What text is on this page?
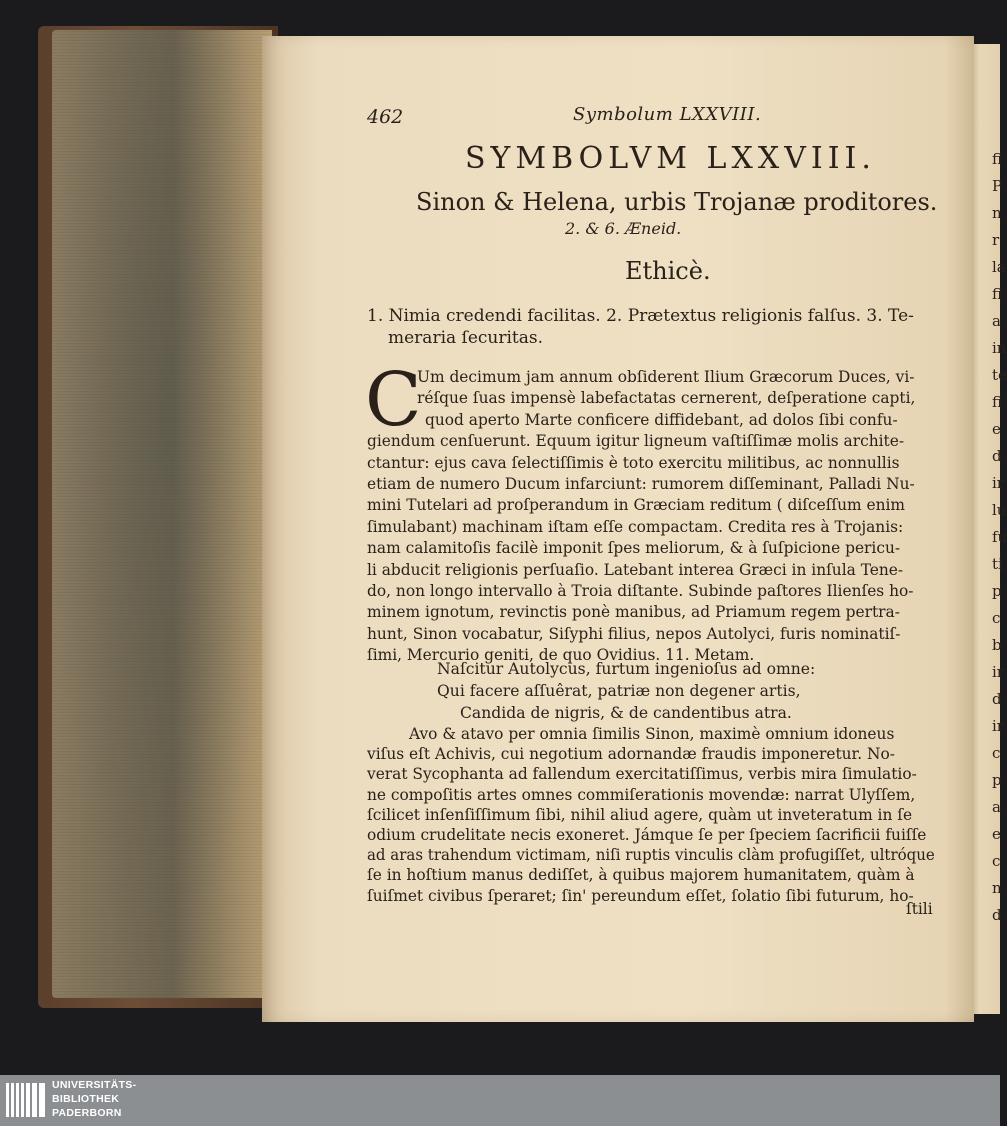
fi
P
n
r
la
fi
a
in
te
fi
e
d
ir
lu
fu
ti
p
c
b
ir
d
ir
c
p
a
e
c
n
d
462	Symbolum LXXVIII.
SYMBOLVM LXXVIII.
Sinon & Helena, urbis Trojanæ proditores.
2. & 6. Æneid.
Ethicè.
1. Nimia credendi facilitas. 2. Prætextus religionis falſus. 3. Te-
meraria ſecuritas.
C
Um decimum jam annum obſiderent Ilium Græcorum Duces, vi-
réſque ſuas impensè labefactatas cernerent, deſperatione capti,
quod aperto Marte conficere diffidebant, ad dolos ſibi confu-
giendum cenſuerunt. Equum igitur ligneum vaſtiſſimæ molis archite-
ctantur: ejus cava ſelectiſſimis è toto exercitu militibus, ac nonnullis
etiam de numero Ducum infarciunt: rumorem diſſeminant, Palladi Nu-
mini Tutelari ad proſperandum in Græciam reditum ( diſceſſum enim
ſimulabant) machinam iſtam eſſe compactam. Credita res à Trojanis:
nam calamitoſis facilè imponit ſpes meliorum, & à ſuſpicione pericu-
li abducit religionis perſuaſio. Latebant interea Græci in inſula Tene-
do, non longo intervallo à Troia diſtante. Subinde paſtores Ilienſes ho-
minem ignotum, revinctis ponè manibus, ad Priamum regem pertra-
hunt, Sinon vocabatur, Siſyphi filius, nepos Autolyci, furis nominatiſ-
ſimi, Mercurio geniti, de quo Ovidius. 11. Metam.
Naſcitur Autolycus, furtum ingenioſus ad omne:
Qui facere aſſuêrat, patriæ non degener artis,
Candida de nigris, & de candentibus atra.
Avo & atavo per omnia ſimilis Sinon, maximè omnium idoneus
viſus eſt Achivis, cui negotium adornandæ fraudis imponeretur. No-
verat Sycophanta ad fallendum exercitatiſſimus, verbis mira ſimulatio-
ne compoſitis artes omnes commiſerationis movendæ: narrat Ulyſſem,
ſcilicet inſenſiſſimum ſibi, nihil aliud agere, quàm ut inveteratum in ſe
odium crudelitate necis exoneret. Jámque ſe per ſpeciem ſacrificii fuiſſe
ad aras trahendum victimam, niſi ruptis vinculis clàm profugiſſet, ultróque
ſe in hoſtium manus dediſſet, à quibus majorem humanitatem, quàm à
ſuiſmet civibus ſperaret; ſin' pereundum eſſet, ſolatio ſibi futurum, ho-
ſtili
UNIVERSITÄTS-
BIBLIOTHEK
PADERBORN
